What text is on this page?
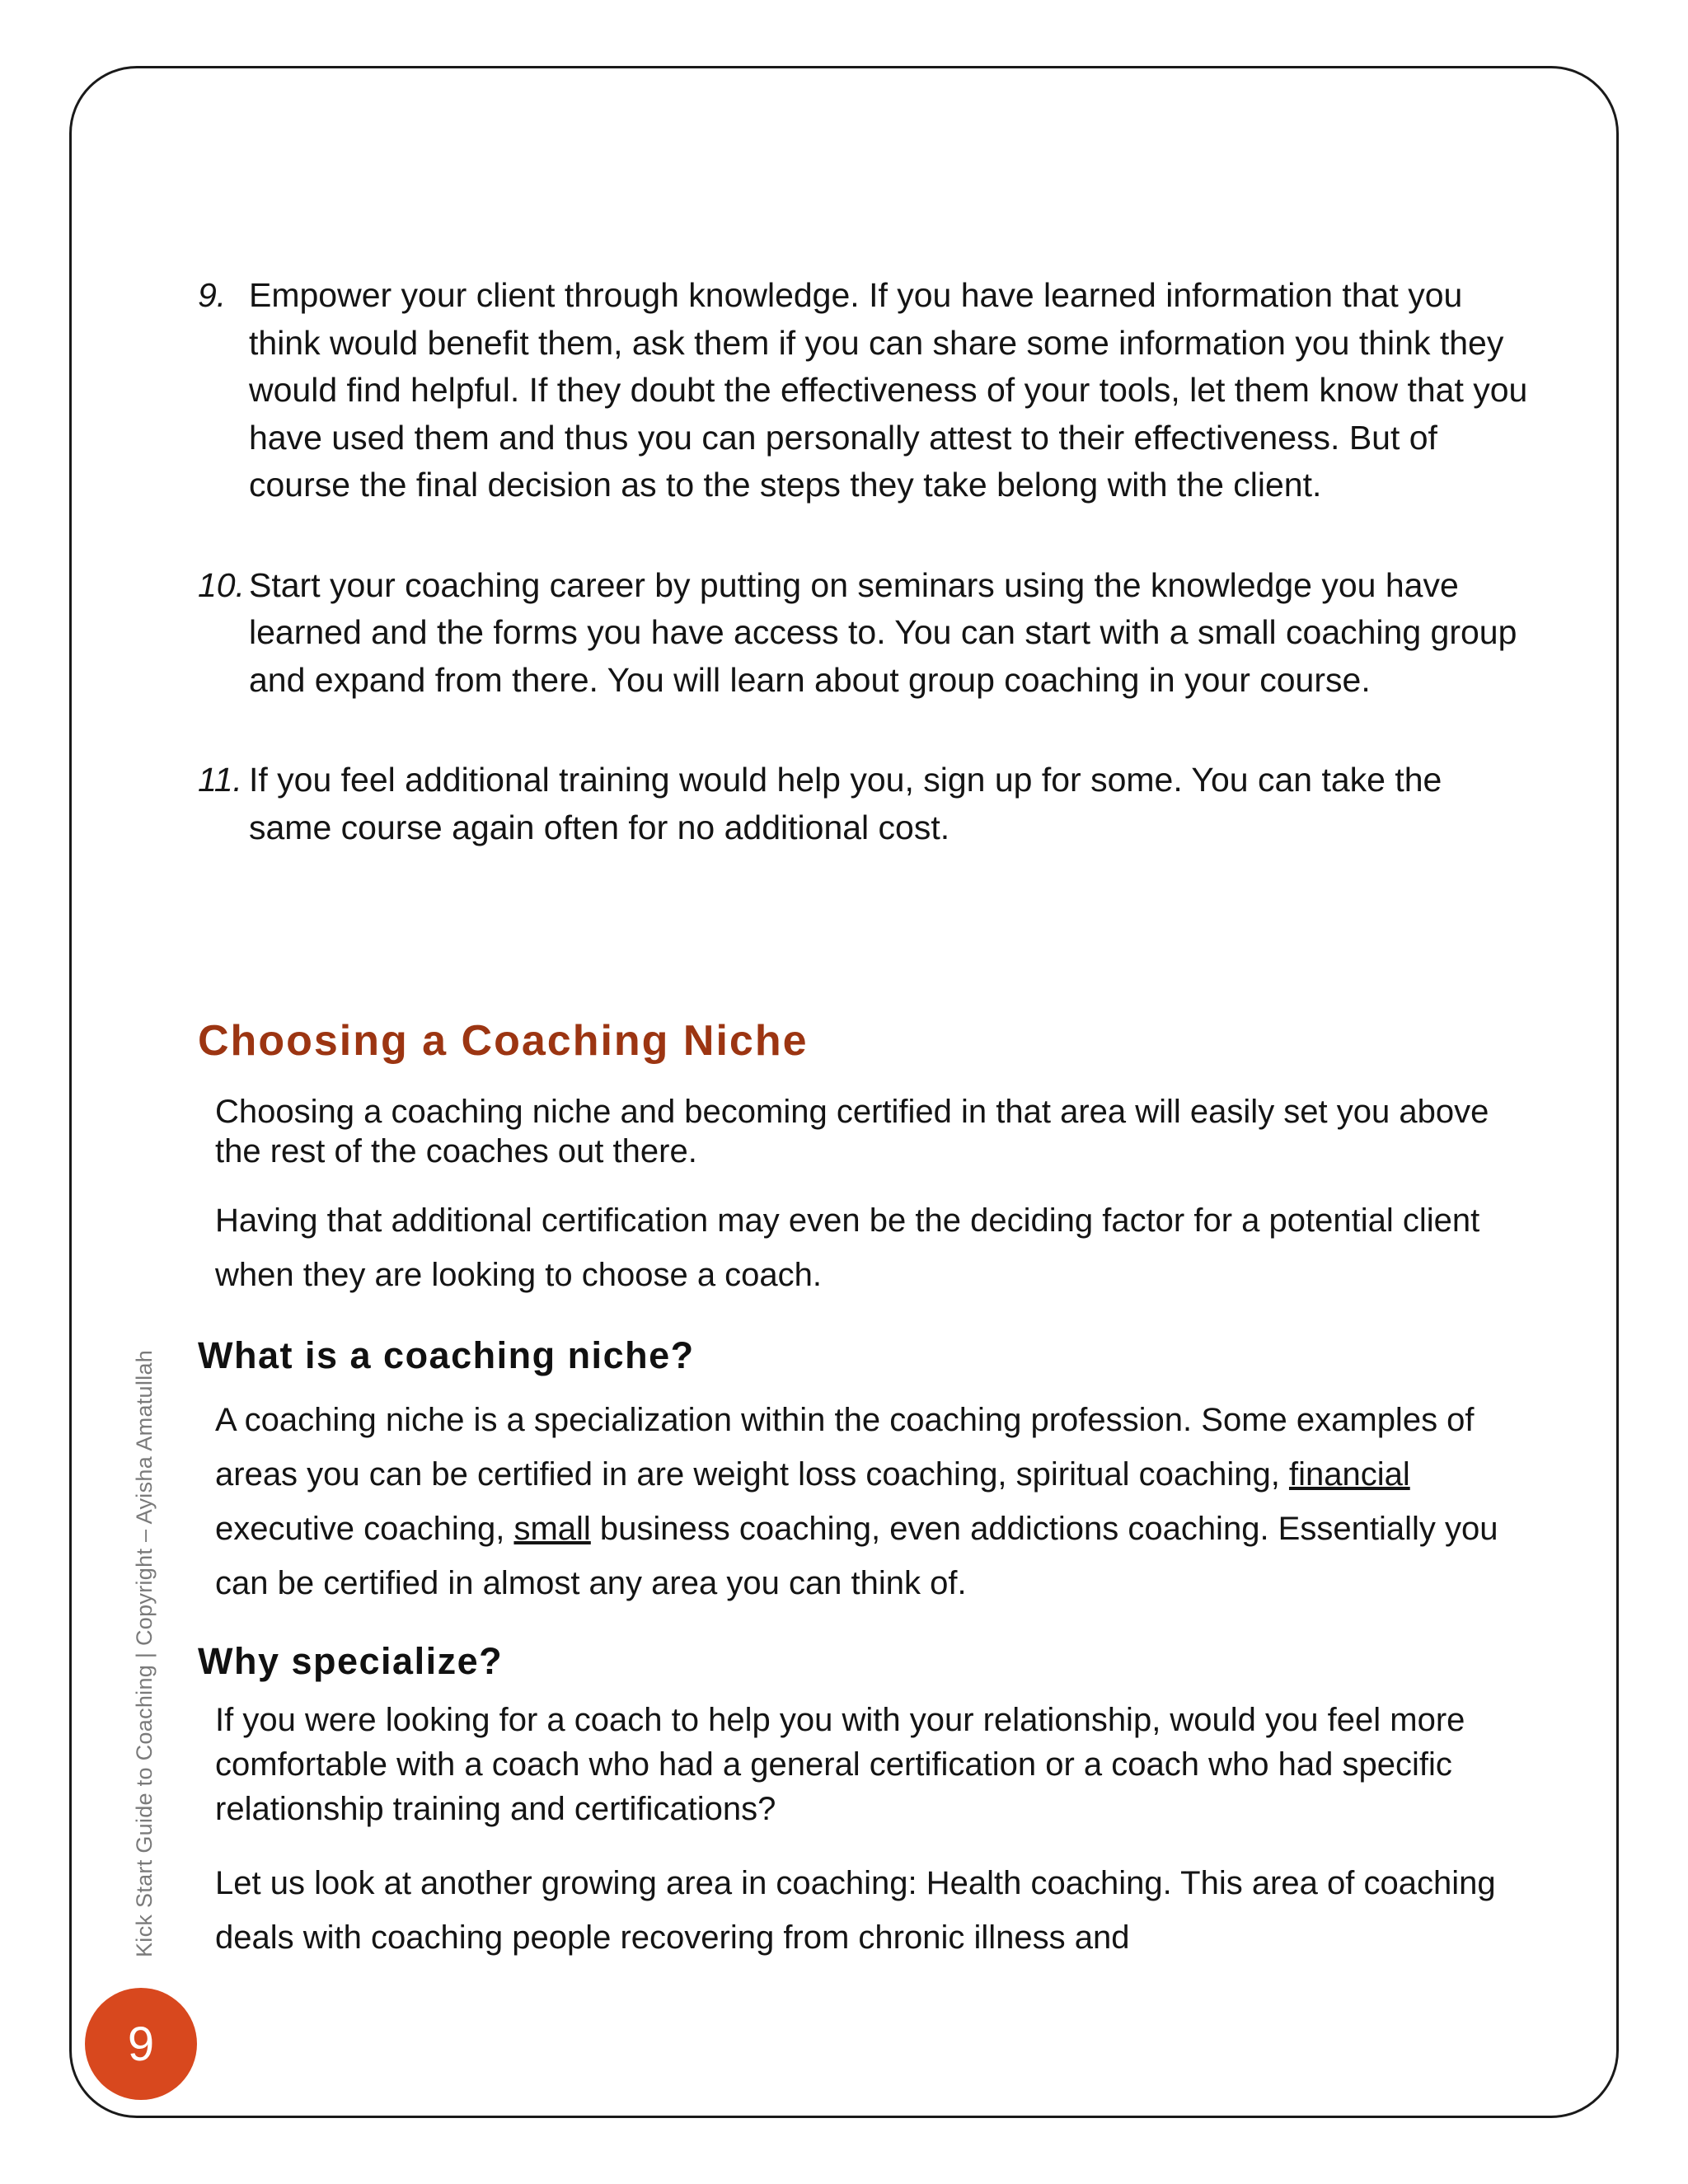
Kick Start Guide to Coaching | Copyright – Ayisha Amatullah
9

9. Empower your client through knowledge. If you have learned information that you think would benefit them, ask them if you can share some information you think they would find helpful. If they doubt the effectiveness of your tools, let them know that you have used them and thus you can personally attest to their effectiveness. But of course the final decision as to the steps they take belong with the client.

10. Start your coaching career by putting on seminars using the knowledge you have learned and the forms you have access to. You can start with a small coaching group and expand from there. You will learn about group coaching in your course.

11. If you feel additional training would help you, sign up for some. You can take the same course again often for no additional cost.

Choosing a Coaching Niche

Choosing a coaching niche and becoming certified in that area will easily set you above the rest of the coaches out there.

Having that additional certification may even be the deciding factor for a potential client when they are looking to choose a coach.

What is a coaching niche?

A coaching niche is a specialization within the coaching profession. Some examples of areas you can be certified in are weight loss coaching, spiritual coaching, financial executive coaching, small business coaching, even addictions coaching. Essentially you can be certified in almost any area you can think of.

Why specialize?

If you were looking for a coach to help you with your relationship, would you feel more comfortable with a coach who had a general certification or a coach who had specific relationship training and certifications?

Let us look at another growing area in coaching: Health coaching. This area of coaching deals with coaching people recovering from chronic illness and
